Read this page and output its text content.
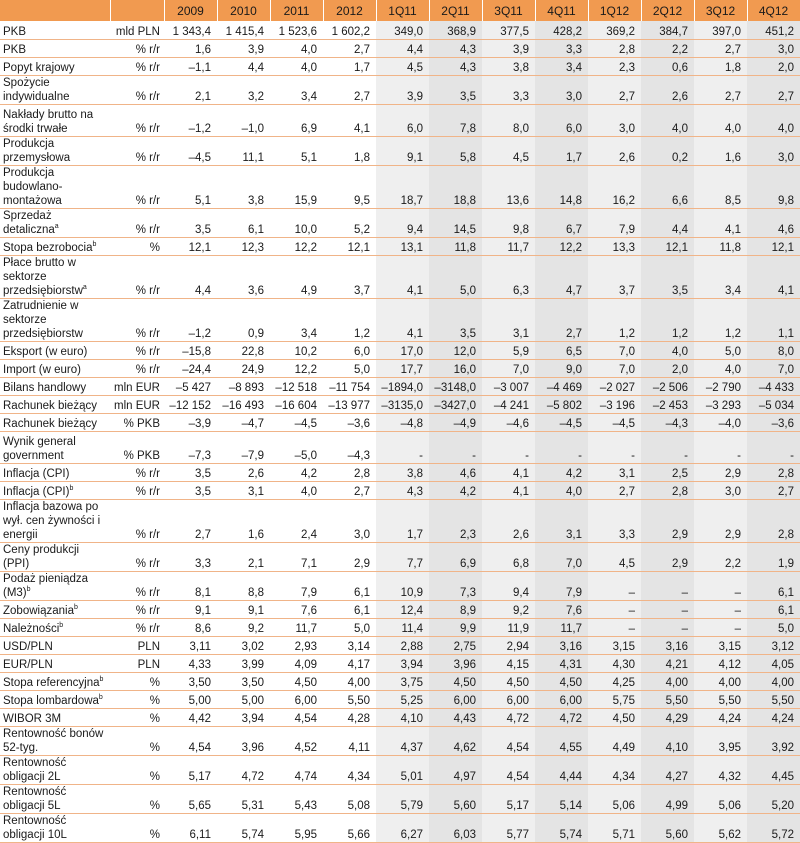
		2009	2010	2011	2012	1Q11	2Q11	3Q11	4Q11	1Q12	2Q12	3Q12	4Q12
PKB	mld PLN	1 343,4	1 415,4	1 523,6	1 602,2	349,0	368,9	377,5	428,2	369,2	384,7	397,0	451,2
PKB	% r/r	1,6	3,9	4,0	2,7	4,4	4,3	3,9	3,3	2,8	2,2	2,7	3,0
Popyt krajowy	% r/r	–1,1	4,4	4,0	1,7	4,5	4,3	3,8	3,4	2,3	0,6	1,8	2,0
Spożycie indywidualne	% r/r	2,1	3,2	3,4	2,7	3,9	3,5	3,3	3,0	2,7	2,6	2,7	2,7
Nakłady brutto na środki trwałe	% r/r	–1,2	–1,0	6,9	4,1	6,0	7,8	8,0	6,0	3,0	4,0	4,0	4,0
Produkcja przemysłowa	% r/r	–4,5	11,1	5,1	1,8	9,1	5,8	4,5	1,7	2,6	0,2	1,6	3,0
Produkcja budowlano-montażowa	% r/r	5,1	3,8	15,9	9,5	18,7	18,8	13,6	14,8	16,2	6,6	8,5	9,8
Sprzedaż detaliczna$^a$	% r/r	3,5	6,1	10,0	5,2	9,4	14,5	9,8	6,7	7,9	4,4	4,1	4,6
Stopa bezrobocia$^b$	%	12,1	12,3	12,2	12,1	13,1	11,8	11,7	12,2	13,3	12,1	11,8	12,1
Płace brutto w sektorze przedsiębiorstw$^a$	% r/r	4,4	3,6	4,9	3,7	4,1	5,0	6,3	4,7	3,7	3,5	3,4	4,1
Zatrudnienie w sektorze przedsiębiorstw	% r/r	–1,2	0,9	3,4	1,2	4,1	3,5	3,1	2,7	1,2	1,2	1,2	1,1
Eksport (w euro)	% r/r	–15,8	22,8	10,2	6,0	17,0	12,0	5,9	6,5	7,0	4,0	5,0	8,0
Import (w euro)	% r/r	–24,4	24,9	12,2	5,0	17,7	16,0	7,0	9,0	7,0	2,0	4,0	7,0
Bilans handlowy	mln EUR	–5 427	–8 893	–12 518	–11 754	–1894,0	–3148,0	–3 007	–4 469	–2 027	–2 506	–2 790	–4 433
Rachunek bieżący	mln EUR	–12 152	–16 493	–16 604	–13 977	–3135,0	–3427,0	–4 241	–5 802	–3 196	–2 453	–3 293	–5 034
Rachunek bieżący	% PKB	–3,9	–4,7	–4,5	–3,6	–4,8	–4,9	–4,6	–4,5	–4,5	–4,3	–4,0	–3,6
Wynik general government	% PKB	–7,3	–7,9	–5,0	–4,3	-	-	-	-	-	-	-	-
Inflacja (CPI)	% r/r	3,5	2,6	4,2	2,8	3,8	4,6	4,1	4,2	3,1	2,5	2,9	2,8
Inflacja (CPI)$^b$	% r/r	3,5	3,1	4,0	2,7	4,3	4,2	4,1	4,0	2,7	2,8	3,0	2,7
Inflacja bazowa po wył. cen żywności i energii	% r/r	2,7	1,6	2,4	3,0	1,7	2,3	2,6	3,1	3,3	2,9	2,9	2,8
Ceny produkcji (PPI)	% r/r	3,3	2,1	7,1	2,9	7,7	6,9	6,8	7,0	4,5	2,9	2,2	1,9
Podaż pieniądza $(M3)^b$	% r/r	8,1	8,8	7,9	6,1	10,9	7,3	9,4	7,9	–	–	–	6,1
Zobowiązania$^b$	% r/r	9,1	9,1	7,6	6,1	12,4	8,9	9,2	7,6	–	–	–	6,1
Należności$^b$	% r/r	8,6	9,2	11,7	5,0	11,4	9,9	11,9	11,7	–	–	–	5,0
USD/PLN	PLN	3,11	3,02	2,93	3,14	2,88	2,75	2,94	3,16	3,15	3,16	3,15	3,12
EUR/PLN	PLN	4,33	3,99	4,09	4,17	3,94	3,96	4,15	4,31	4,30	4,21	4,12	4,05
Stopa referencyjna$^b$	%	3,50	3,50	4,50	4,00	3,75	4,50	4,50	4,50	4,25	4,00	4,00	4,00
Stopa lombardowa$^b$	%	5,00	5,00	6,00	5,50	5,25	6,00	6,00	6,00	5,75	5,50	5,50	5,50
WIBOR 3M	%	4,42	3,94	4,54	4,28	4,10	4,43	4,72	4,72	4,50	4,29	4,24	4,24
Rentowność bonów 52-tyg.	%	4,54	3,96	4,52	4,11	4,37	4,62	4,54	4,55	4,49	4,10	3,95	3,92
Rentowność obligacji 2L	%	5,17	4,72	4,74	4,34	5,01	4,97	4,54	4,44	4,34	4,27	4,32	4,45
Rentowność obligacji 5L	%	5,65	5,31	5,43	5,08	5,79	5,60	5,17	5,14	5,06	4,99	5,06	5,20
Rentowność obligacji 10L	%	6,11	5,74	5,95	5,66	6,27	6,03	5,77	5,74	5,71	5,60	5,62	5,72
